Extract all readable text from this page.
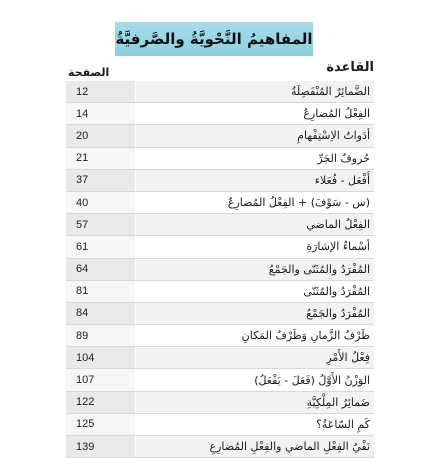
المفاهيمُ النَّحْويَّةُ والصَّرفيَّةُ
القاعدة
الصفحة
12	الضَّمائِرُ المُنْفَصِلَةُ
14	الفِعْلُ المُضارِعُ
20	أدَواتُ الاِسْتِفْهامِ
21	حُروفُ الجَرِّ
37	أَفْعَل - فُعَلاء
40	(س - سَوْفَ) + الفِعْلُ المُضارِعُ
57	الفِعْلُ الماضي
61	أسْماءُ الإشارَةِ
64	المُفْرَدُ والمُثَنّى والجَمْعُ
81	المُفْرَدُ والمُثَنّى
84	المُفْرَدُ والجَمْعُ
89	ظَرْفُ الزَّمانِ وَظَرْفُ المَكانِ
104	فِعْلُ الأَمْرِ
107	الوَزْنُ الأَوَّلُ (فَعَلَ - يَفْعَلُ)
122	ضَمائِرُ المِلْكِيَّةِ
125	كَمِ السّاعَةُ؟
139	نَفْيُ الفِعْلِ الماضي والفِعْلِ المُضارِعِ
